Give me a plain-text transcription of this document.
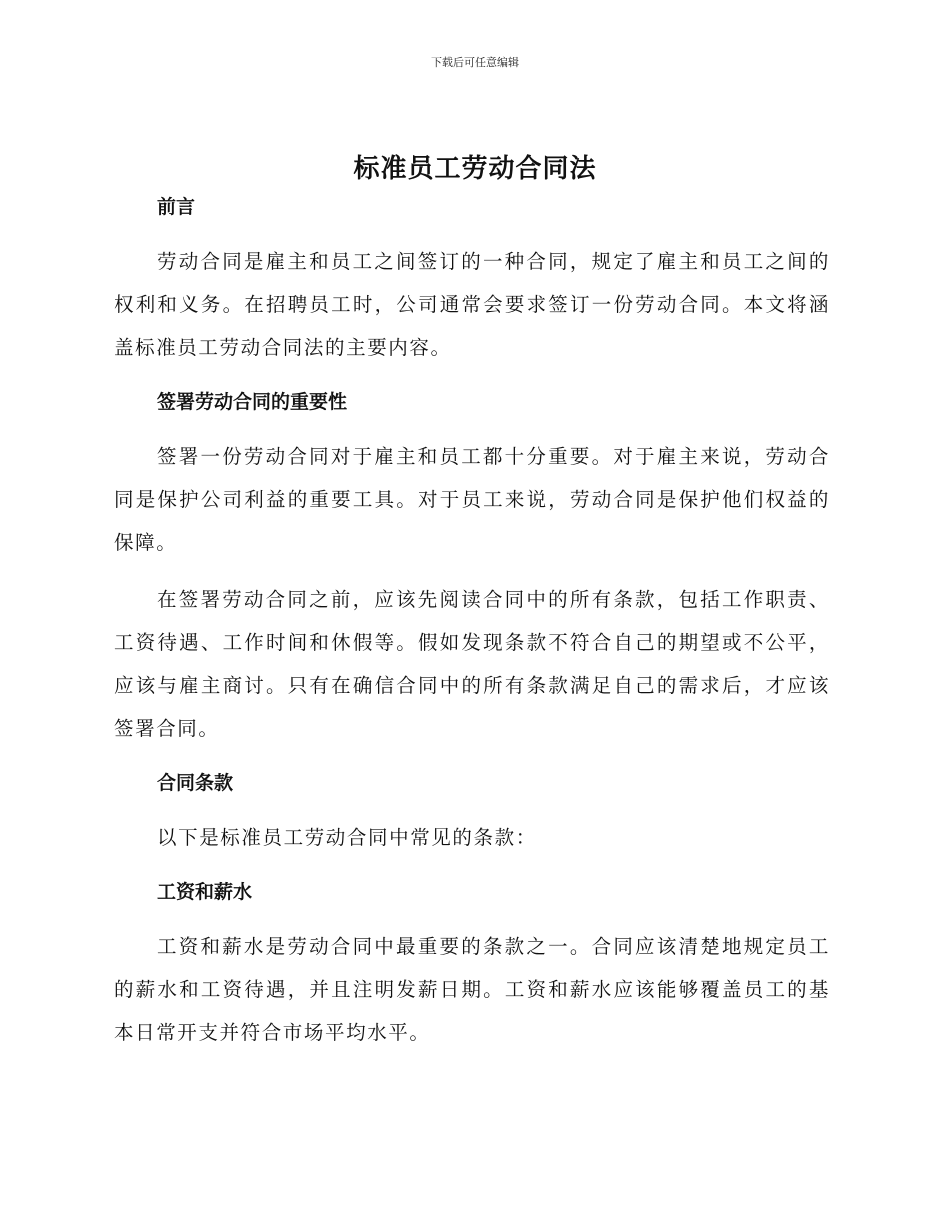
下载后可任意编辑
标准员工劳动合同法
前言

劳动合同是雇主和员工之间签订的一种合同，规定了雇主和员工之间的权利和义务。在招聘员工时，公司通常会要求签订一份劳动合同。本文将涵盖标准员工劳动合同法的主要内容。

签署劳动合同的重要性

签署一份劳动合同对于雇主和员工都十分重要。对于雇主来说，劳动合同是保护公司利益的重要工具。对于员工来说，劳动合同是保护他们权益的保障。

在签署劳动合同之前，应该先阅读合同中的所有条款，包括工作职责、工资待遇、工作时间和休假等。假如发现条款不符合自己的期望或不公平，应该与雇主商讨。只有在确信合同中的所有条款满足自己的需求后，才应该签署合同。

合同条款

以下是标准员工劳动合同中常见的条款：

工资和薪水

工资和薪水是劳动合同中最重要的条款之一。合同应该清楚地规定员工的薪水和工资待遇，并且注明发薪日期。工资和薪水应该能够覆盖员工的基本日常开支并符合市场平均水平。
